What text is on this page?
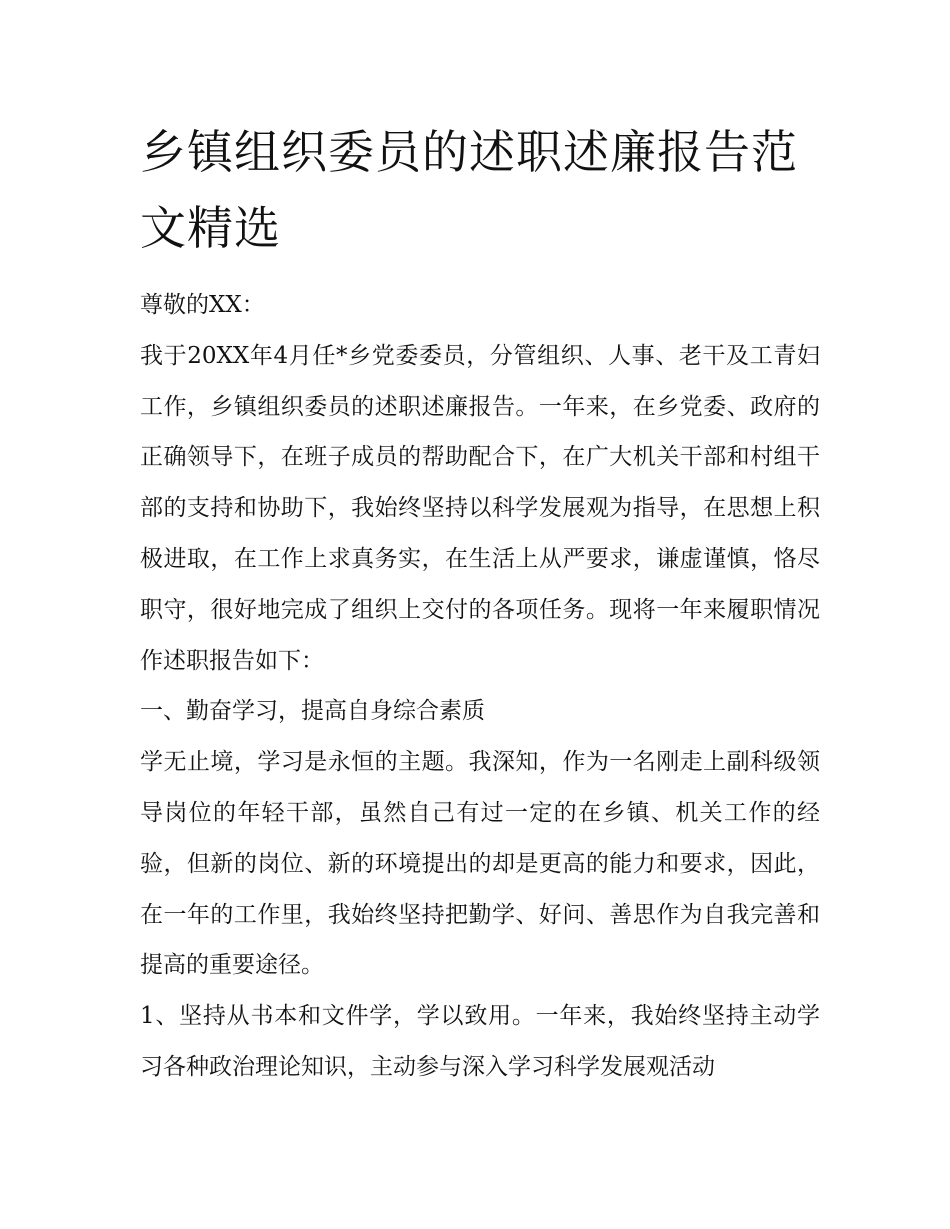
乡镇组织委员的述职述廉报告范文精选

尊敬的XX：

我于20XX年4月任*乡党委委员，分管组织、人事、老干及工青妇工作，乡镇组织委员的述职述廉报告。一年来，在乡党委、政府的正确领导下，在班子成员的帮助配合下，在广大机关干部和村组干部的支持和协助下，我始终坚持以科学发展观为指导，在思想上积极进取，在工作上求真务实，在生活上从严要求，谦虚谨慎，恪尽职守，很好地完成了组织上交付的各项任务。现将一年来履职情况作述职报告如下：

一、勤奋学习，提高自身综合素质

学无止境，学习是永恒的主题。我深知，作为一名刚走上副科级领导岗位的年轻干部，虽然自己有过一定的在乡镇、机关工作的经验，但新的岗位、新的环境提出的却是更高的能力和要求，因此，在一年的工作里，我始终坚持把勤学、好问、善思作为自我完善和提高的重要途径。

1、坚持从书本和文件学，学以致用。一年来，我始终坚持主动学习各种政治理论知识，主动参与深入学习科学发展观活动
